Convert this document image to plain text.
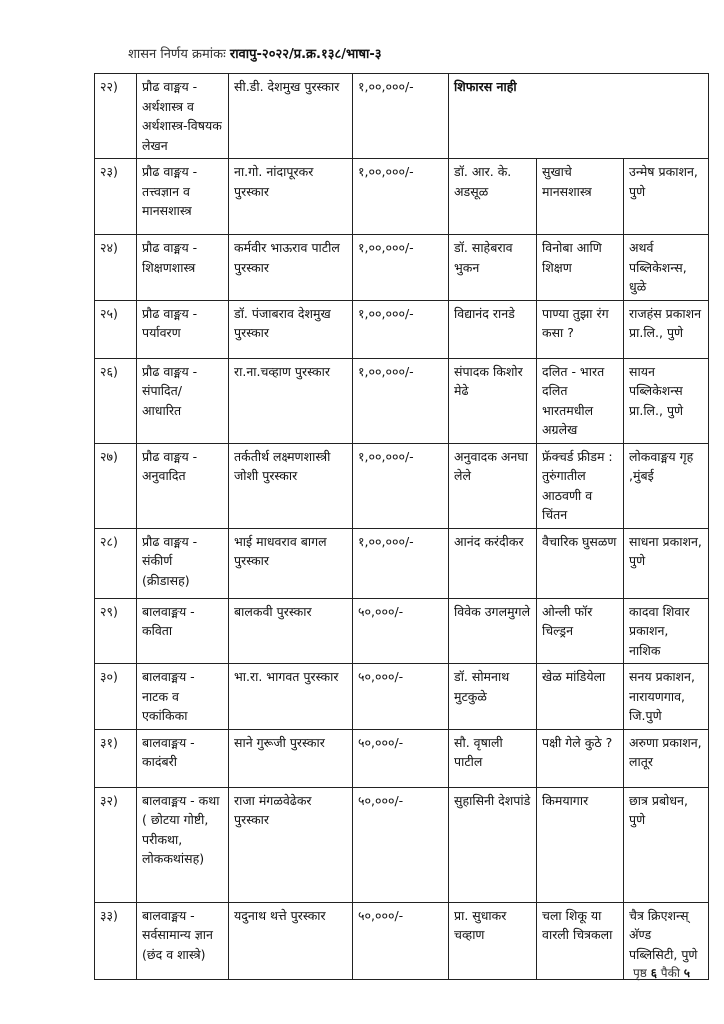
शासन निर्णय क्रमांकः रावापु-२०२२/प्र.क्र.१३८/भाषा-३
२२)	प्रौढ वाङ्मय - अर्थशास्त्र व अर्थशास्त्र-विषयक लेखन	सी.डी. देशमुख पुरस्कार	१,००,०००/-	शिफारस नाही		
२३)	प्रौढ वाङ्मय - तत्त्वज्ञान व मानसशास्त्र	ना.गो. नांदापूरकर पुरस्कार	१,००,०००/-	डॉ. आर. के. अडसूळ	सुखाचे मानसशास्त्र	उन्मेष प्रकाशन, पुणे
२४)	प्रौढ वाङ्मय - शिक्षणशास्त्र	कर्मवीर भाऊराव पाटील पुरस्कार	१,००,०००/-	डॉ. साहेबराव भुकन	विनोबा आणि शिक्षण	अथर्व पब्लिकेशन्स, धुळे
२५)	प्रौढ वाङ्मय - पर्यावरण	डॉ. पंजाबराव देशमुख पुरस्कार	१,००,०००/-	विद्यानंद रानडे	पाण्या तुझा रंग कसा ?	राजहंस प्रकाशन प्रा.लि., पुणे
२६)	प्रौढ वाङ्मय - संपादित/ आधारित	रा.ना.चव्हाण पुरस्कार	१,००,०००/-	संपादक किशोर मेढे	दलित - भारत दलित भारतमधील अग्रलेख	सायन पब्लिकेशन्स प्रा.लि., पुणे
२७)	प्रौढ वाङ्मय - अनुवादित	तर्कतीर्थ लक्ष्मणशास्त्री जोशी पुरस्कार	१,००,०००/-	अनुवादक अनघा लेले	फ्रॅक्चर्ड फ्रीडम : तुरुंगातील आठवणी व चिंतन	लोकवाङ्मय गृह ,मुंबई
२८)	प्रौढ वाङ्मय - संकीर्ण (क्रीडासह)	भाई माधवराव बागल पुरस्कार	१,००,०००/-	आनंद करंदीकर	वैचारिक घुसळण	साधना प्रकाशन, पुणे
२९)	बालवाङ्मय - कविता	बालकवी पुरस्कार	५०,०००/-	विवेक उगलमुगले	ओन्ली फॉर चिल्ड्रन	कादवा शिवार प्रकाशन, नाशिक
३०)	बालवाङ्मय - नाटक व एकांकिका	भा.रा. भागवत पुरस्कार	५०,०००/-	डॉ. सोमनाथ मुटकुळे	खेळ मांडियेला	सनय प्रकाशन, नारायणगाव, जि.पुणे
३१)	बालवाङ्मय - कादंबरी	साने गुरूजी पुरस्कार	५०,०००/-	सौ. वृषाली पाटील	पक्षी गेले कुठे ?	अरुणा प्रकाशन, लातूर
३२)	बालवाङ्मय - कथा ( छोटया गोष्टी, परीकथा, लोककथांसह)	राजा मंगळवेढेकर पुरस्कार	५०,०००/-	सुहासिनी देशपांडे	किमयागार	छात्र प्रबोधन, पुणे
३३)	बालवाङ्मय - सर्वसामान्य ज्ञान (छंद व शास्त्रे)	यदुनाथ थत्ते पुरस्कार	५०,०००/-	प्रा. सुधाकर चव्हाण	चला शिकू या वारली चित्रकला	चैत्र क्रिएशन्स् अ‍ॅण्ड पब्लिसिटी, पुणे
पृष्ठ ६ पैकी ५
